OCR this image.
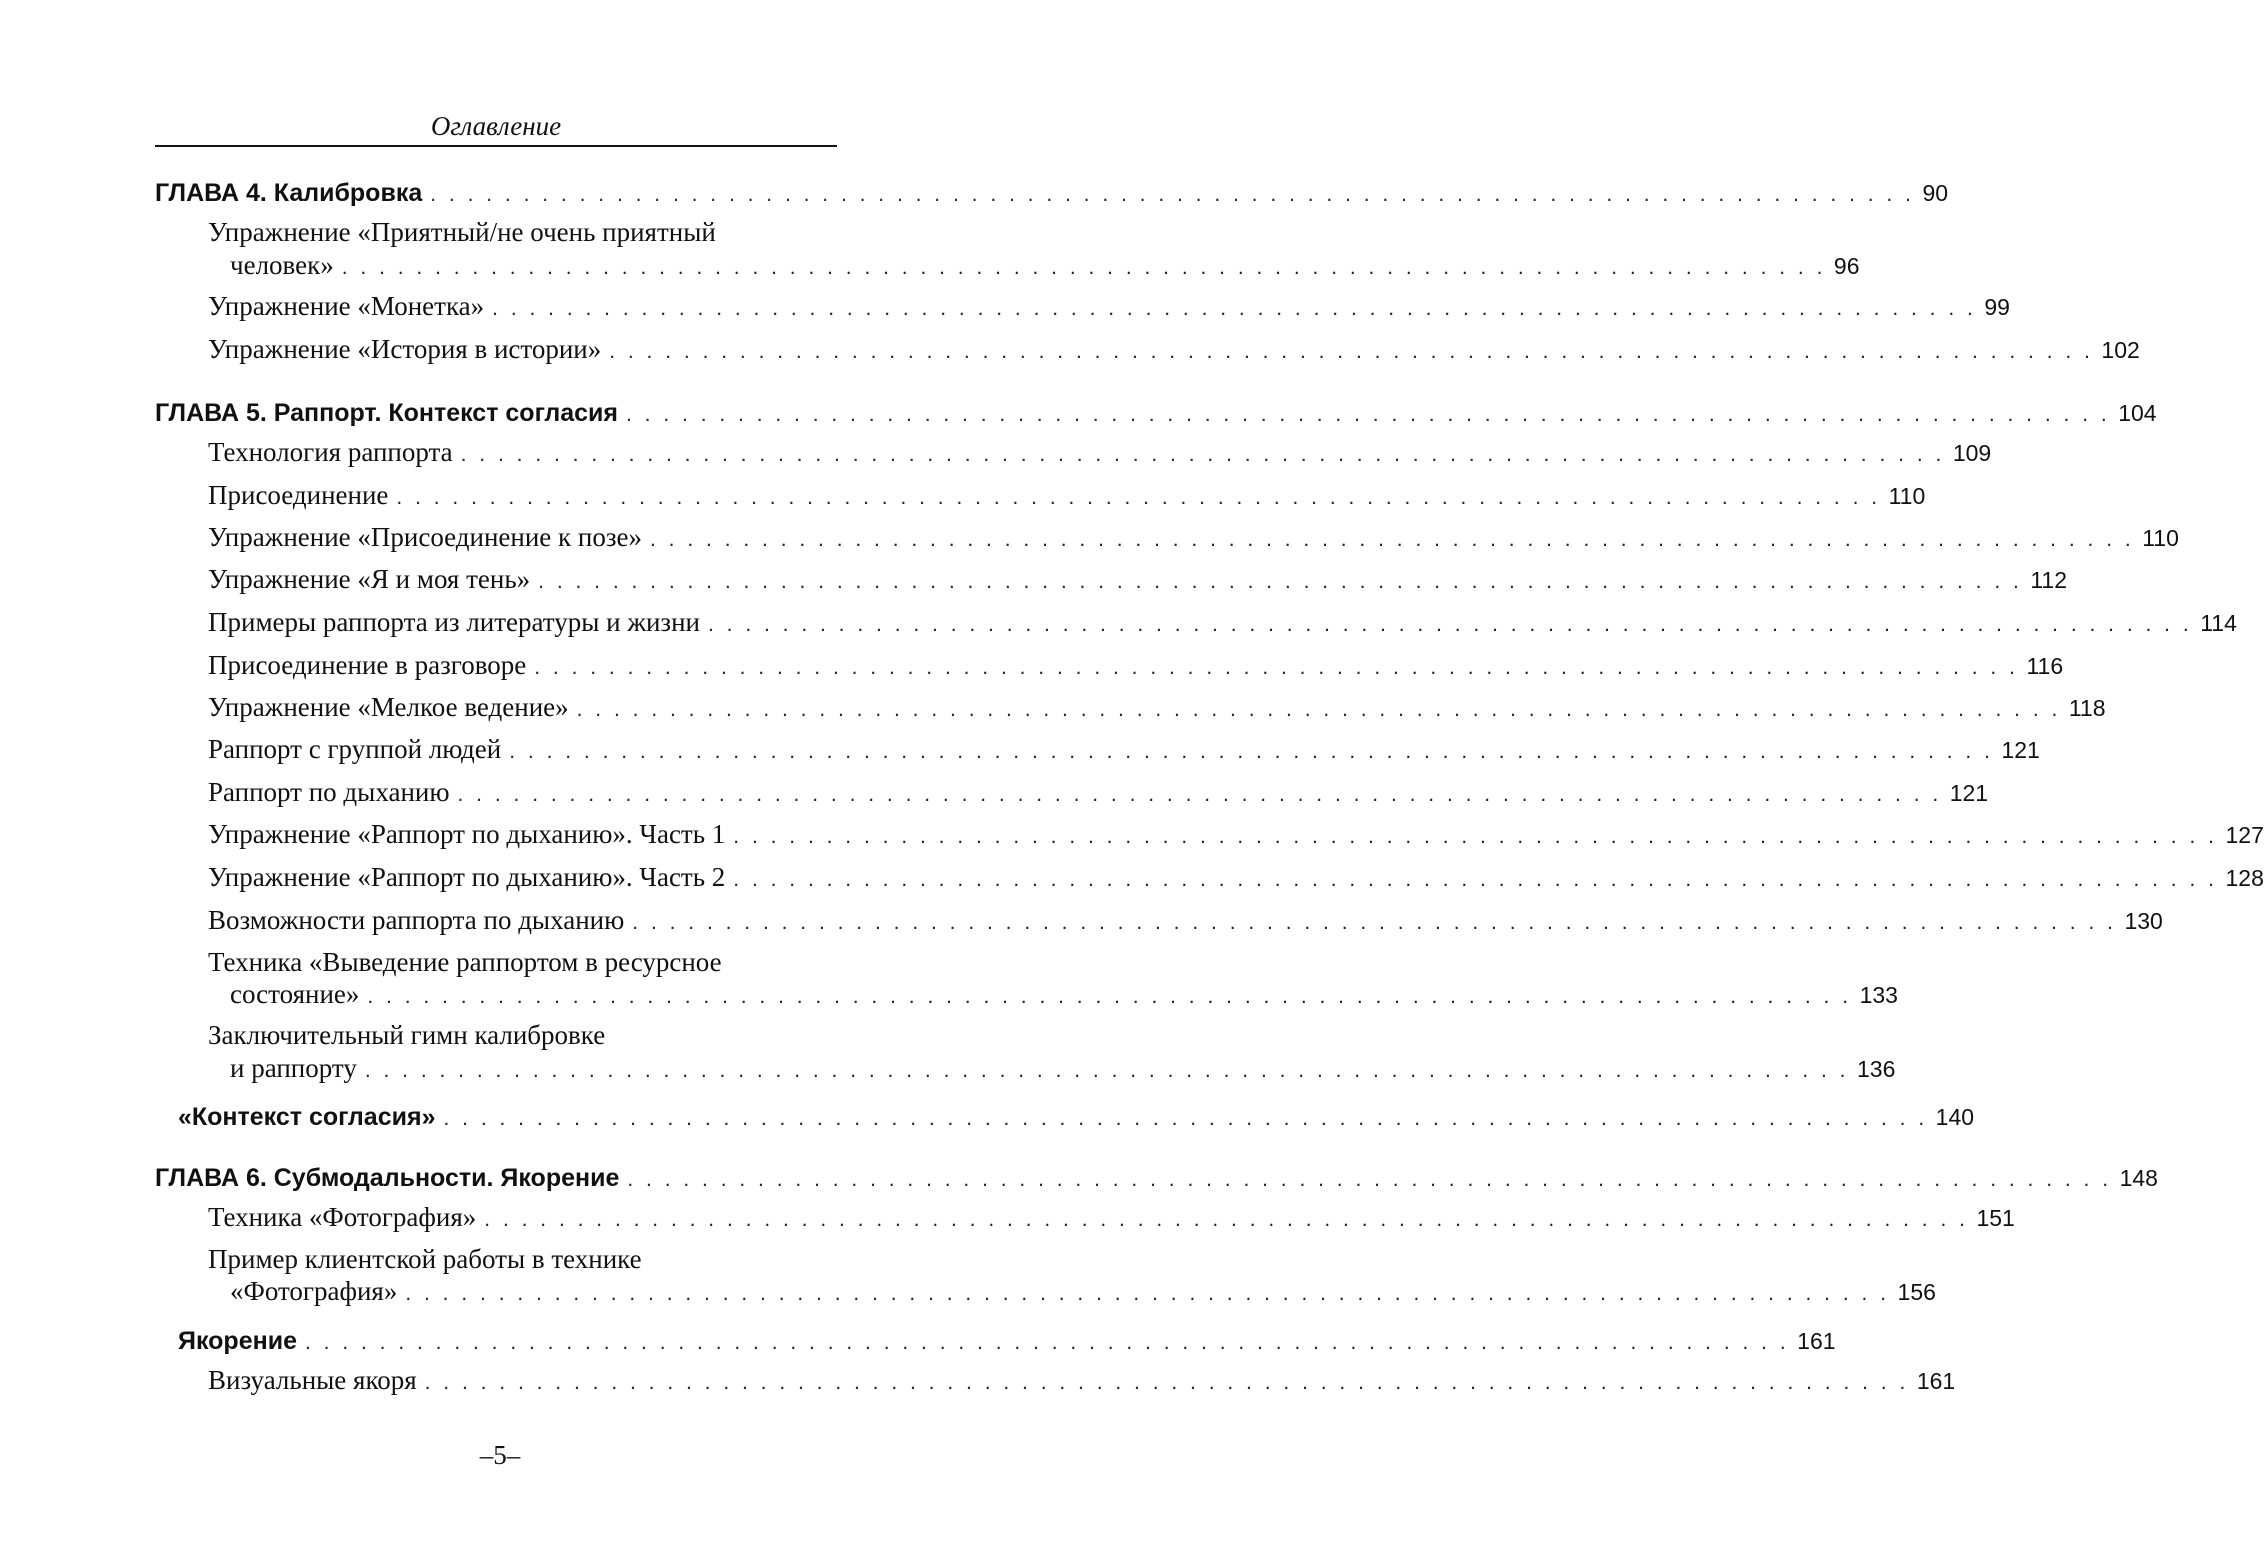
Оглавление
ГЛАВА 4. Калибровка . . . . . . . . . . . . . . . . . . . . . . . . . . . . . . . . . . . . . . . . . . . . . . . . . . . . . . . . . . . . . . . . . . . . . . . . . . . . . . . . 90
Упражнение «Приятный/не очень приятный
человек» . . . . . . . . . . . . . . . . . . . . . . . . . . . . . . . . . . . . . . . . . . . . . . . . . . . . . . . . . . . . . . . . . . . . . . . . . . . . . . . . 96
Упражнение «Монетка» . . . . . . . . . . . . . . . . . . . . . . . . . . . . . . . . . . . . . . . . . . . . . . . . . . . . . . . . . . . . . . . . . . . . . . . . . . . . . . . . 99
Упражнение «История в истории» . . . . . . . . . . . . . . . . . . . . . . . . . . . . . . . . . . . . . . . . . . . . . . . . . . . . . . . . . . . . . . . . . . . . . . . . . . . . . . . . 102
ГЛАВА 5. Раппорт. Контекст согласия . . . . . . . . . . . . . . . . . . . . . . . . . . . . . . . . . . . . . . . . . . . . . . . . . . . . . . . . . . . . . . . . . . . . . . . . . . . . . . . . 104
Технология раппорта . . . . . . . . . . . . . . . . . . . . . . . . . . . . . . . . . . . . . . . . . . . . . . . . . . . . . . . . . . . . . . . . . . . . . . . . . . . . . . . . 109
Присоединение . . . . . . . . . . . . . . . . . . . . . . . . . . . . . . . . . . . . . . . . . . . . . . . . . . . . . . . . . . . . . . . . . . . . . . . . . . . . . . . . 110
Упражнение «Присоединение к позе» . . . . . . . . . . . . . . . . . . . . . . . . . . . . . . . . . . . . . . . . . . . . . . . . . . . . . . . . . . . . . . . . . . . . . . . . . . . . . . . . 110
Упражнение «Я и моя тень» . . . . . . . . . . . . . . . . . . . . . . . . . . . . . . . . . . . . . . . . . . . . . . . . . . . . . . . . . . . . . . . . . . . . . . . . . . . . . . . . 112
Примеры раппорта из литературы и жизни . . . . . . . . . . . . . . . . . . . . . . . . . . . . . . . . . . . . . . . . . . . . . . . . . . . . . . . . . . . . . . . . . . . . . . . . . . . . . . . . 114
Присоединение в разговоре . . . . . . . . . . . . . . . . . . . . . . . . . . . . . . . . . . . . . . . . . . . . . . . . . . . . . . . . . . . . . . . . . . . . . . . . . . . . . . . . 116
Упражнение «Мелкое ведение» . . . . . . . . . . . . . . . . . . . . . . . . . . . . . . . . . . . . . . . . . . . . . . . . . . . . . . . . . . . . . . . . . . . . . . . . . . . . . . . . 118
Раппорт с группой людей . . . . . . . . . . . . . . . . . . . . . . . . . . . . . . . . . . . . . . . . . . . . . . . . . . . . . . . . . . . . . . . . . . . . . . . . . . . . . . . . 121
Раппорт по дыханию . . . . . . . . . . . . . . . . . . . . . . . . . . . . . . . . . . . . . . . . . . . . . . . . . . . . . . . . . . . . . . . . . . . . . . . . . . . . . . . . 121
Упражнение «Раппорт по дыханию». Часть 1 . . . . . . . . . . . . . . . . . . . . . . . . . . . . . . . . . . . . . . . . . . . . . . . . . . . . . . . . . . . . . . . . . . . . . . . . . . . . . . . . 127
Упражнение «Раппорт по дыханию». Часть 2 . . . . . . . . . . . . . . . . . . . . . . . . . . . . . . . . . . . . . . . . . . . . . . . . . . . . . . . . . . . . . . . . . . . . . . . . . . . . . . . . 128
Возможности раппорта по дыханию . . . . . . . . . . . . . . . . . . . . . . . . . . . . . . . . . . . . . . . . . . . . . . . . . . . . . . . . . . . . . . . . . . . . . . . . . . . . . . . . 130
Техника «Выведение раппортом в ресурсное
состояние» . . . . . . . . . . . . . . . . . . . . . . . . . . . . . . . . . . . . . . . . . . . . . . . . . . . . . . . . . . . . . . . . . . . . . . . . . . . . . . . . 133
Заключительный гимн калибровке
и раппорту . . . . . . . . . . . . . . . . . . . . . . . . . . . . . . . . . . . . . . . . . . . . . . . . . . . . . . . . . . . . . . . . . . . . . . . . . . . . . . . . 136
«Контекст согласия» . . . . . . . . . . . . . . . . . . . . . . . . . . . . . . . . . . . . . . . . . . . . . . . . . . . . . . . . . . . . . . . . . . . . . . . . . . . . . . . . 140
ГЛАВА 6. Субмодальности. Якорение . . . . . . . . . . . . . . . . . . . . . . . . . . . . . . . . . . . . . . . . . . . . . . . . . . . . . . . . . . . . . . . . . . . . . . . . . . . . . . . . 148
Техника «Фотография» . . . . . . . . . . . . . . . . . . . . . . . . . . . . . . . . . . . . . . . . . . . . . . . . . . . . . . . . . . . . . . . . . . . . . . . . . . . . . . . . 151
Пример клиентской работы в технике
«Фотография» . . . . . . . . . . . . . . . . . . . . . . . . . . . . . . . . . . . . . . . . . . . . . . . . . . . . . . . . . . . . . . . . . . . . . . . . . . . . . . . . 156
Якорение . . . . . . . . . . . . . . . . . . . . . . . . . . . . . . . . . . . . . . . . . . . . . . . . . . . . . . . . . . . . . . . . . . . . . . . . . . . . . . . . 161
Визуальные якоря . . . . . . . . . . . . . . . . . . . . . . . . . . . . . . . . . . . . . . . . . . . . . . . . . . . . . . . . . . . . . . . . . . . . . . . . . . . . . . . . 161
–5–
